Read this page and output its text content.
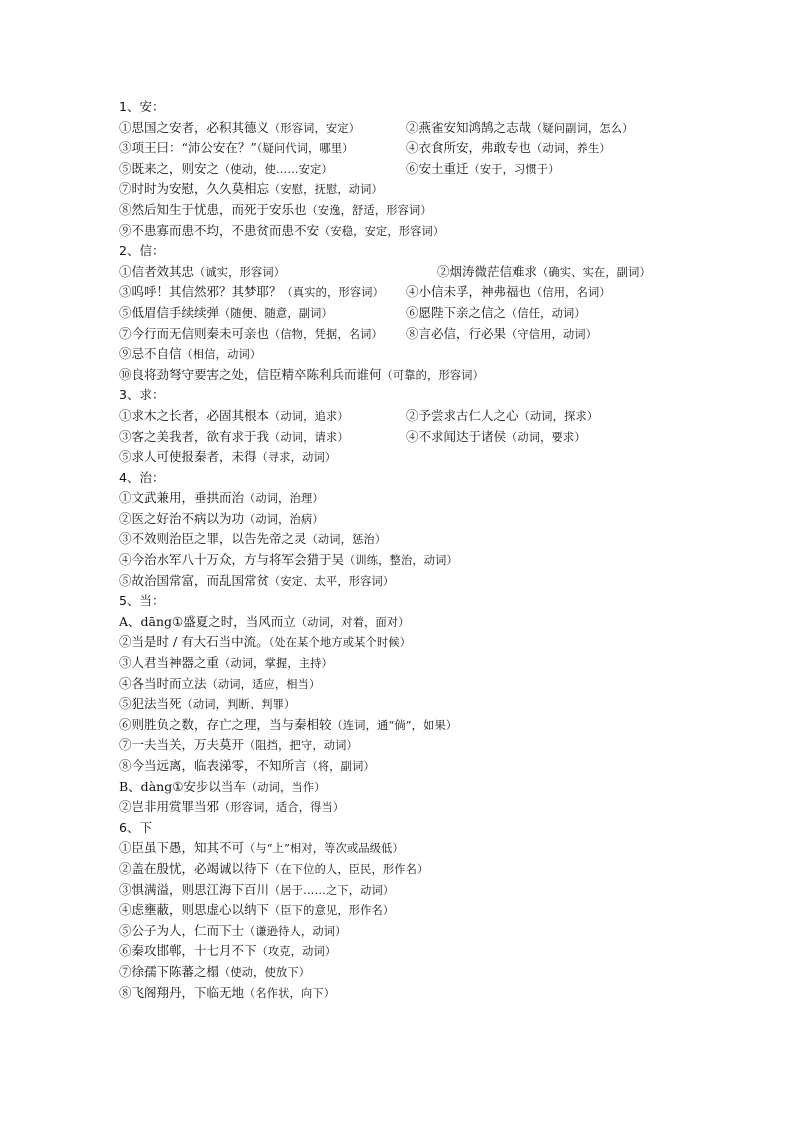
1、安：
①思国之安者，必积其德义（形容词，安定）	②燕雀安知鸿鹄之志哉（疑问副词，怎么）
③项王曰：“沛公安在？”（疑问代词，哪里）	④衣食所安，弗敢专也（动词，养生）
⑤既来之，则安之（使动，使……安定）	⑥安土重迁（安于，习惯于）
⑦时时为安慰，久久莫相忘（安慰，抚慰，动词）
⑧然后知生于忧患，而死于安乐也（安逸，舒适，形容词）
⑨不患寡而患不均，不患贫而患不安（安稳，安定，形容词）
2、信：
①信者效其忠（诚实，形容词）	②烟涛微茫信难求（确实、实在，副词）
③呜呼！其信然邪？其梦耶？（真实的，形容词）	④小信未孚，神弗福也（信用，名词）
⑤低眉信手续续弹（随便、随意，副词）	⑥愿陛下亲之信之（信任，动词）
⑦今行而无信则秦未可亲也（信物，凭据，名词）	⑧言必信，行必果（守信用，动词）
⑨忌不自信（相信，动词）
⑩良将劲弩守要害之处，信臣精卒陈利兵而谁何（可靠的，形容词）
3、求：
①求木之长者，必固其根本（动词，追求）	②予尝求古仁人之心（动词，探求）
③客之美我者，欲有求于我（动词，请求）	④不求闻达于诸侯（动词，要求）
⑤求人可使报秦者，未得（寻求，动词）
4、治：
①文武兼用，垂拱而治（动词，治理）
②医之好治不病以为功（动词，治病）
③不效则治臣之罪，以告先帝之灵（动词，惩治）
④今治水军八十万众，方与将军会猎于吴（训练，整治，动词）
⑤故治国常富，而乱国常贫（安定、太平，形容词）
5、当：
A、dāng①盛夏之时，当风而立（动词，对着，面对）
②当是时 / 有大石当中流。（处在某个地方或某个时候）
③人君当神器之重（动词，掌握，主持）
④各当时而立法（动词，适应，相当）
⑤犯法当死（动词，判断、判罪）
⑥则胜负之数，存亡之理，当与秦相较（连词，通“倘”，如果）
⑦一夫当关，万夫莫开（阻挡，把守，动词）
⑧今当远离，临表涕零，不知所言（将，副词）
B、dàng①安步以当车（动词，当作）
②岂非用赏罪当邪（形容词，适合，得当）
6、下
①臣虽下愚，知其不可（与“上”相对，等次或品级低）
②盖在殷忧，必竭诚以待下（在下位的人，臣民，形作名）
③惧满溢，则思江海下百川（居于……之下，动词）
④虑壅蔽，则思虚心以纳下（臣下的意见，形作名）
⑤公子为人，仁而下士（谦逊待人，动词）
⑥秦攻邯郸，十七月不下（攻克，动词）
⑦徐孺下陈蕃之榻（使动，使放下）
⑧飞阁翔丹，下临无地（名作状，向下）
